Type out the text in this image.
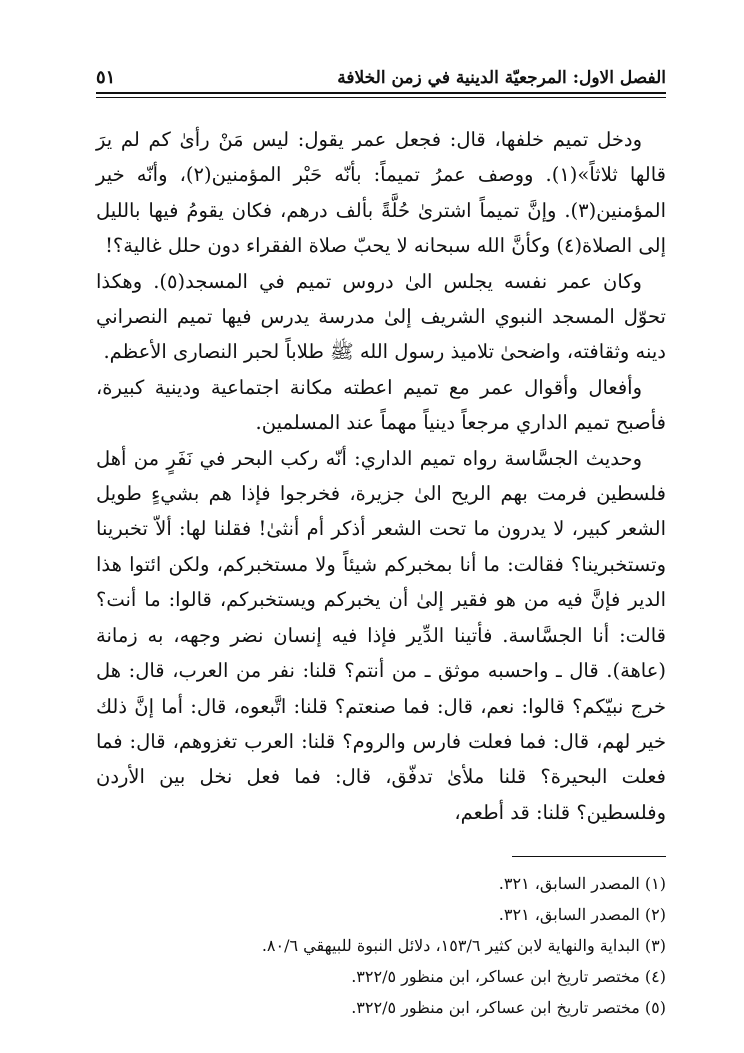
الفصل الاول: المرجعيّة الدينية في زمن الخلافة
٥١

ودخل تميم خلفها، قال: فجعل عمر يقول: ليس مَنْ رأىٰ كم لم يرَ قالها ثلاثاً»(١). ووصف عمرُ تميماً: بأنّه حَبْر المؤمنين(٢)، وأنّه خير المؤمنين(٣). وإنَّ تميماً اشترىٰ حُلَّةً بألف درهم، فكان يقومُ فيها بالليل إلى الصلاة(٤) وكأنَّ الله سبحانه لا يحبّ صلاة الفقراء دون حلل غالية؟!

وكان عمر نفسه يجلس الىٰ دروس تميم في المسجد(٥). وهكذا تحوّل المسجد النبوي الشريف إلىٰ مدرسة يدرس فيها تميم النصراني دينه وثقافته، واضحىٰ تلاميذ رسول الله ﷺ طلاباً لحبر النصارى الأعظم.

وأفعال وأقوال عمر مع تميم اعطته مكانة اجتماعية ودينية كبيرة، فأصبح تميم الداري مرجعاً دينياً مهماً عند المسلمين.

وحديث الجسَّاسة رواه تميم الداري: أنّه ركب البحر في نَفَرٍ من أهل فلسطين فرمت بهم الريح الىٰ جزيرة، فخرجوا فإذا هم بشيءٍ طويل الشعر كبير، لا يدرون ما تحت الشعر أذكر أم أنثىٰ! فقلنا لها: ألاّ تخبرينا وتستخبرينا؟ فقالت: ما أنا بمخبركم شيئاً ولا مستخبركم، ولكن ائتوا هذا الدير فإنَّ فيه من هو فقير إلىٰ أن يخبركم ويستخبركم، قالوا: ما أنت؟ قالت: أنا الجسَّاسة. فأتينا الدِّير فإذا فيه إنسان نضر وجهه، به زمانة (عاهة). قال ـ واحسبه موثق ـ من أنتم؟ قلنا: نفر من العرب، قال: هل خرج نبيّكم؟ قالوا: نعم، قال: فما صنعتم؟ قلنا: اتَّبعوه، قال: أما إنَّ ذلك خير لهم، قال: فما فعلت فارس والروم؟ قلنا: العرب تغزوهم، قال: فما فعلت البحيرة؟ قلنا ملأىٰ تدفّق، قال: فما فعل نخل بين الأردن وفلسطين؟ قلنا: قد أطعم،

(١) المصدر السابق، ٣٢١.

(٢) المصدر السابق، ٣٢١.

(٣) البداية والنهاية لابن كثير ١٥٣/٦، دلائل النبوة للبيهقي ٨٠/٦.

(٤) مختصر تاريخ ابن عساكر، ابن منظور ٣٢٢/٥.

(٥) مختصر تاريخ ابن عساكر، ابن منظور ٣٢٢/٥.
